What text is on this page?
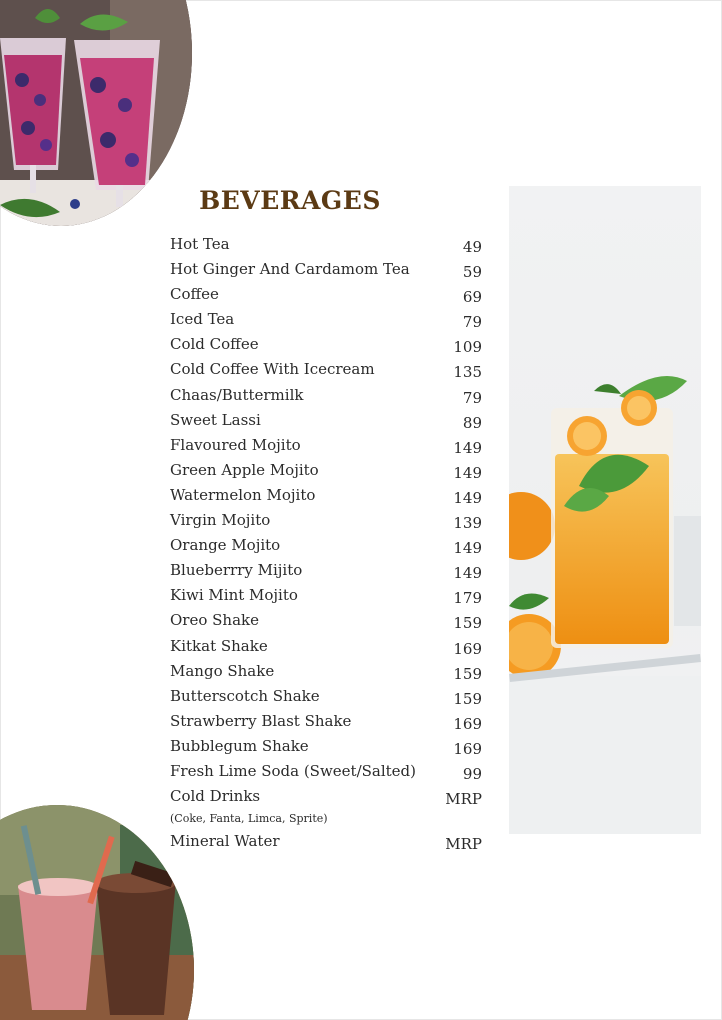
BEVERAGES
Hot Tea	49
Hot Ginger And Cardamom Tea	59
Coffee	69
Iced Tea	79
Cold Coffee	109
Cold Coffee With Icecream	135
Chaas/Buttermilk	79
Sweet Lassi	89
Flavoured Mojito	149
Green Apple Mojito	149
Watermelon Mojito	149
Virgin Mojito	139
Orange Mojito	149
Blueberrry Mijito	149
Kiwi Mint Mojito	179
Oreo Shake	159
Kitkat Shake	169
Mango Shake	159
Butterscotch Shake	159
Strawberry Blast Shake	169
Bubblegum Shake	169
Fresh Lime Soda (Sweet/Salted)	99
Cold Drinks	MRP
(Coke, Fanta, Limca, Sprite)
Mineral Water	MRP
